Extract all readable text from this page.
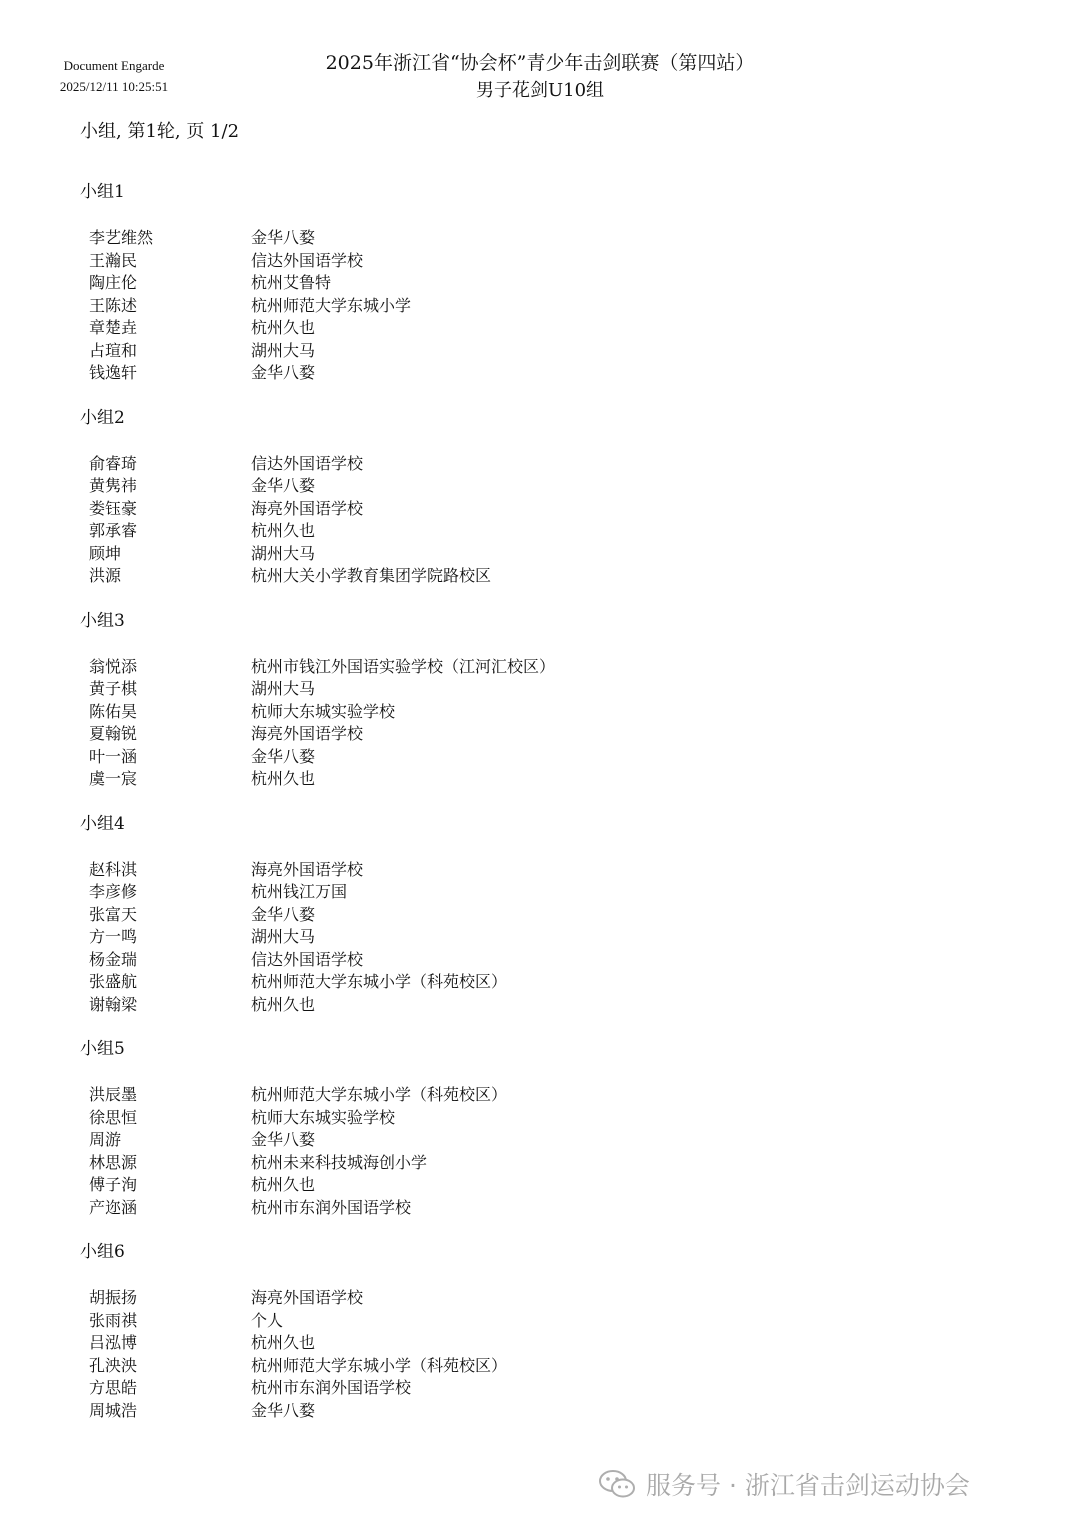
Document Engarde
2025/12/11 10:25:51
2025年浙江省“协会杯”青少年击剑联赛（第四站）
男子花剑U10组
小组, 第1轮, 页 1/2
小组1
李艺维然	金华八婺
王瀚民	信达外国语学校
陶庄伦	杭州艾鲁特
王陈述	杭州师范大学东城小学
章楚垚	杭州久也
占瑄和	湖州大马
钱逸轩	金华八婺
小组2
俞睿琦	信达外国语学校
黄隽祎	金华八婺
娄钰豪	海亮外国语学校
郭承睿	杭州久也
顾坤	湖州大马
洪源	杭州大关小学教育集团学院路校区
小组3
翁悦添	杭州市钱江外国语实验学校（江河汇校区）
黄子棋	湖州大马
陈佑昊	杭师大东城实验学校
夏翰锐	海亮外国语学校
叶一涵	金华八婺
虞一宸	杭州久也
小组4
赵科淇	海亮外国语学校
李彦修	杭州钱江万国
张富天	金华八婺
方一鸣	湖州大马
杨金瑞	信达外国语学校
张盛航	杭州师范大学东城小学（科苑校区）
谢翰梁	杭州久也
小组5
洪辰墨	杭州师范大学东城小学（科苑校区）
徐思恒	杭师大东城实验学校
周游	金华八婺
林思源	杭州未来科技城海创小学
傅子洵	杭州久也
产迩涵	杭州市东润外国语学校
小组6
胡振扬	海亮外国语学校
张雨祺	个人
吕泓博	杭州久也
孔泱泱	杭州师范大学东城小学（科苑校区）
方思皓	杭州市东润外国语学校
周城浩	金华八婺
服务号 · 浙江省击剑运动协会
